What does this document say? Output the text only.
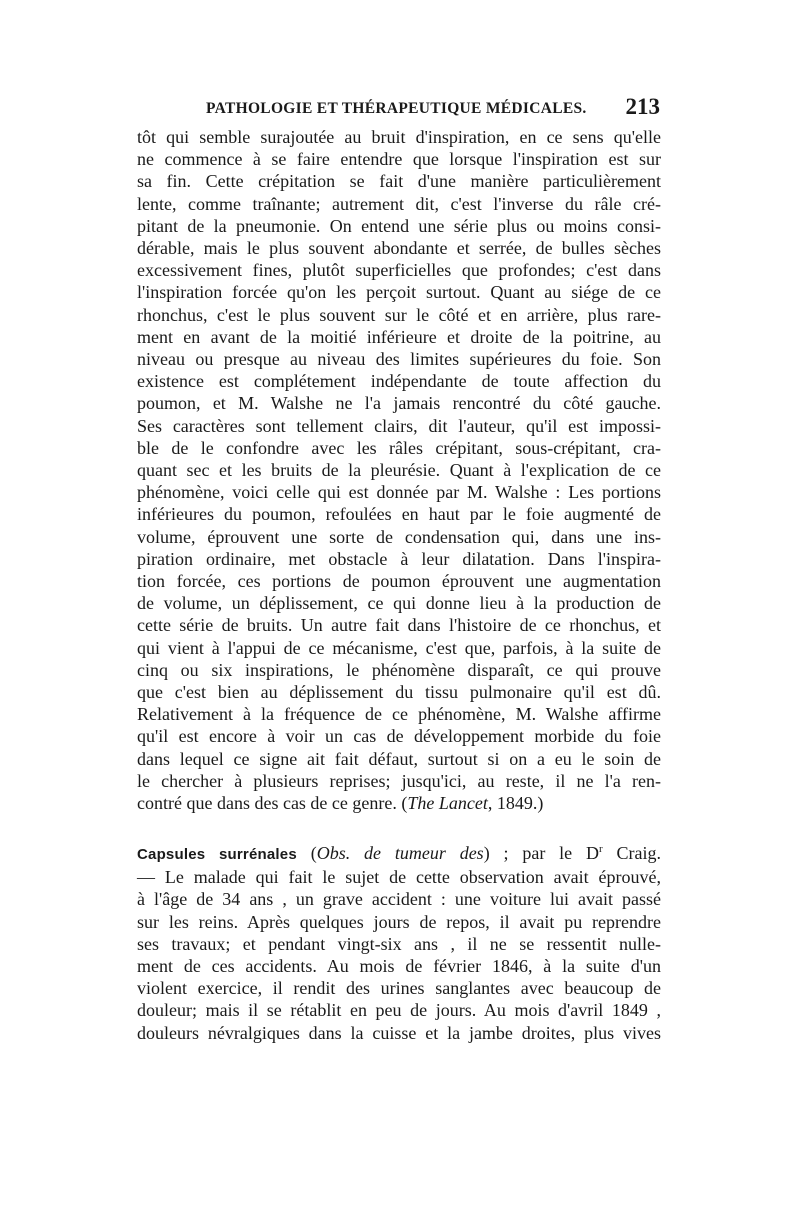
PATHOLOGIE ET THÉRAPEUTIQUE MÉDICALES. 213
tôt qui semble surajoutée au bruit d'inspiration, en ce sens qu'elle
ne commence à se faire entendre que lorsque l'inspiration est sur
sa fin. Cette crépitation se fait d'une manière particulièrement
lente, comme traînante; autrement dit, c'est l'inverse du râle cré-
pitant de la pneumonie. On entend une série plus ou moins consi-
dérable, mais le plus souvent abondante et serrée, de bulles sèches
excessivement fines, plutôt superficielles que profondes; c'est dans
l'inspiration forcée qu'on les perçoit surtout. Quant au siége de ce
rhonchus, c'est le plus souvent sur le côté et en arrière, plus rare-
ment en avant de la moitié inférieure et droite de la poitrine, au
niveau ou presque au niveau des limites supérieures du foie. Son
existence est complétement indépendante de toute affection du
poumon, et M. Walshe ne l'a jamais rencontré du côté gauche.
Ses caractères sont tellement clairs, dit l'auteur, qu'il est impossi-
ble de le confondre avec les râles crépitant, sous-crépitant, cra-
quant sec et les bruits de la pleurésie. Quant à l'explication de ce
phénomène, voici celle qui est donnée par M. Walshe : Les portions
inférieures du poumon, refoulées en haut par le foie augmenté de
volume, éprouvent une sorte de condensation qui, dans une ins-
piration ordinaire, met obstacle à leur dilatation. Dans l'inspira-
tion forcée, ces portions de poumon éprouvent une augmentation
de volume, un déplissement, ce qui donne lieu à la production de
cette série de bruits. Un autre fait dans l'histoire de ce rhonchus, et
qui vient à l'appui de ce mécanisme, c'est que, parfois, à la suite de
cinq ou six inspirations, le phénomène disparaît, ce qui prouve
que c'est bien au déplissement du tissu pulmonaire qu'il est dû.
Relativement à la fréquence de ce phénomène, M. Walshe affirme
qu'il est encore à voir un cas de développement morbide du foie
dans lequel ce signe ait fait défaut, surtout si on a eu le soin de
le chercher à plusieurs reprises; jusqu'ici, au reste, il ne l'a ren-
contré que dans des cas de ce genre. (The Lancet, 1849.)
Capsules surrénales (Obs. de tumeur des) ; par le $D^r$ Craig.
— Le malade qui fait le sujet de cette observation avait éprouvé,
à l'âge de 34 ans , un grave accident : une voiture lui avait passé
sur les reins. Après quelques jours de repos, il avait pu reprendre
ses travaux; et pendant vingt-six ans , il ne se ressentit nulle-
ment de ces accidents. Au mois de février 1846, à la suite d'un
violent exercice, il rendit des urines sanglantes avec beaucoup de
douleur; mais il se rétablit en peu de jours. Au mois d'avril 1849 ,
douleurs névralgiques dans la cuisse et la jambe droites, plus vives
